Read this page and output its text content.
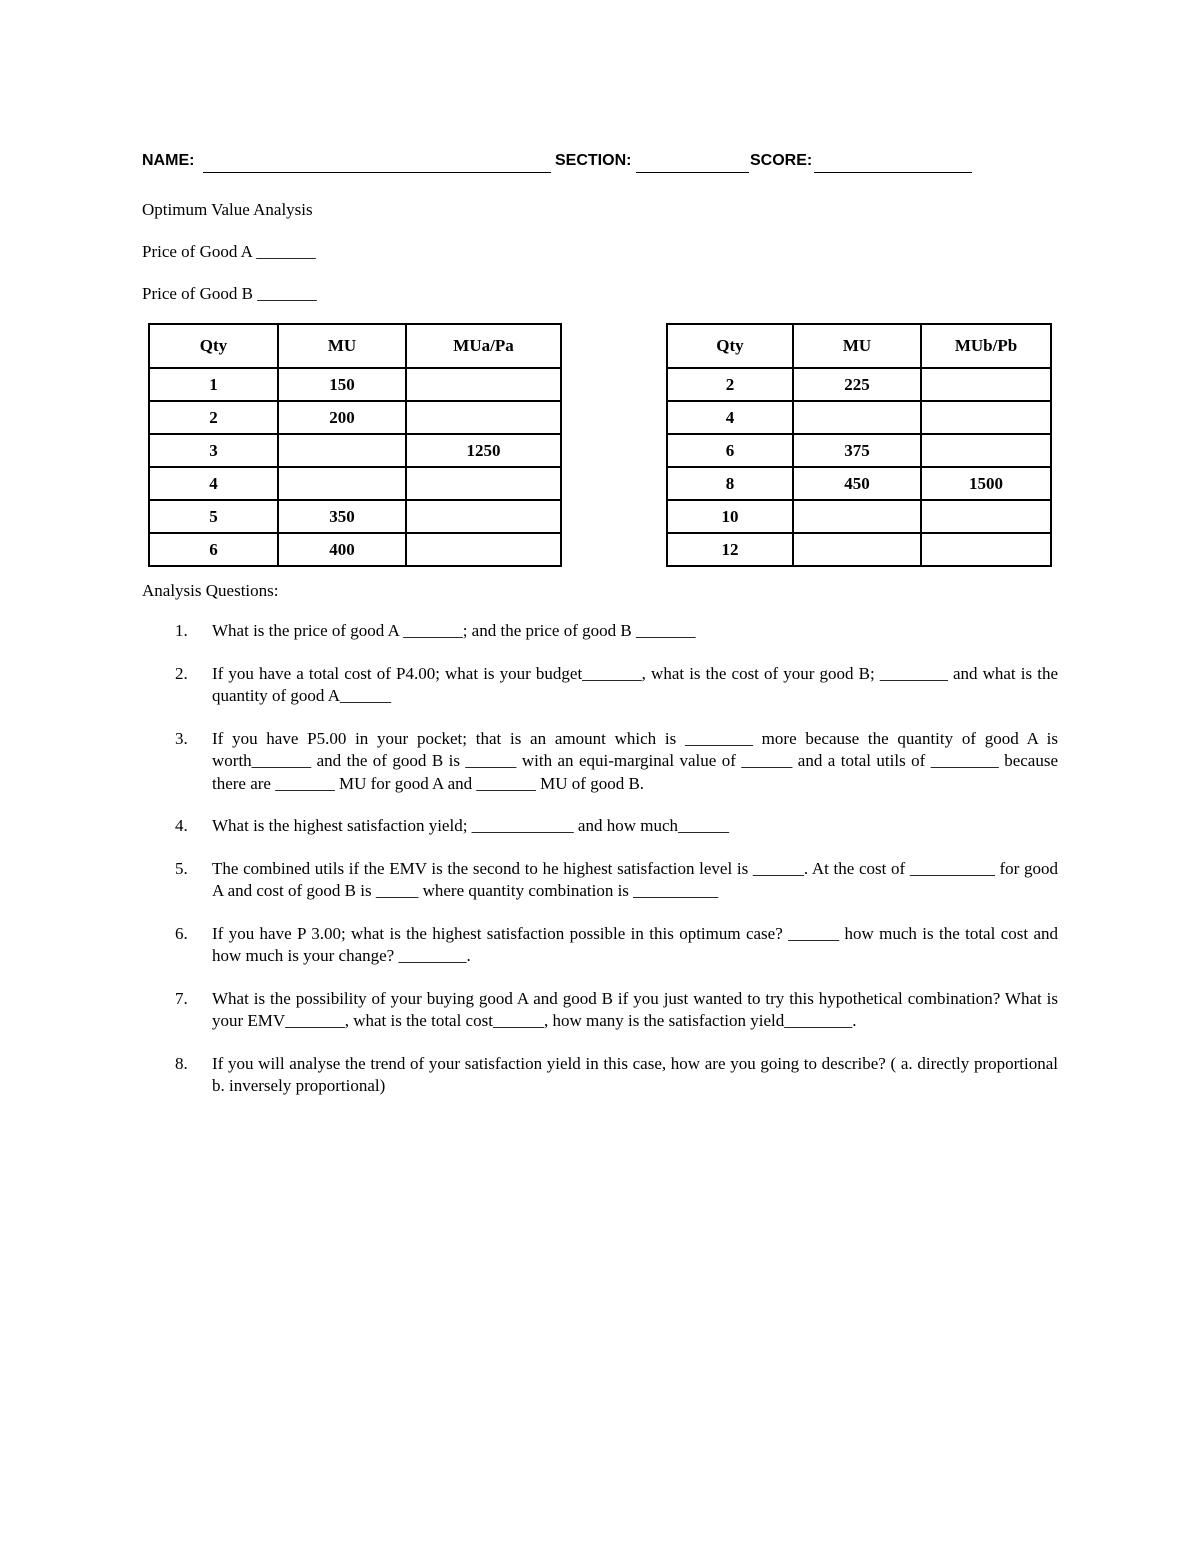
NAME:	SECTION:	SCORE:
Optimum Value Analysis
Price of Good A _______
Price of Good B _______
Qty	MU	MUa/Pa
1	150	
2	200	
3		1250
4		
5	350	
6	400	
Qty	MU	MUb/Pb
2	225	
4		
6	375	
8	450	1500
10		
12		
Analysis Questions:
1. What is the price of good A _______; and the price of good B _______
2. If you have a total cost of P4.00; what is your budget_______, what is the cost of your good B; ________ and what is the quantity of good A______
3. If you have P5.00 in your pocket; that is an amount which is ________ more because the quantity of good A is worth_______ and the of good B is ______ with an equi-marginal value of ______ and a total utils of ________ because there are _______ MU for good A and _______ MU of good B.
4. What is the highest satisfaction yield; ____________ and how much______
5. The combined utils if the EMV is the second to he highest satisfaction level is ______. At the cost of __________ for good A and cost of good B is _____ where quantity combination is __________
6. If you have P 3.00; what is the highest satisfaction possible in this optimum case? ______ how much is the total cost and how much is your change? ________.
7. What is the possibility of your buying good A and good B if you just wanted to try this hypothetical combination? What is your EMV_______, what is the total cost______, how many is the satisfaction yield________.
8. If you will analyse the trend of your satisfaction yield in this case, how are you going to describe? ( a. directly proportional b. inversely proportional)
